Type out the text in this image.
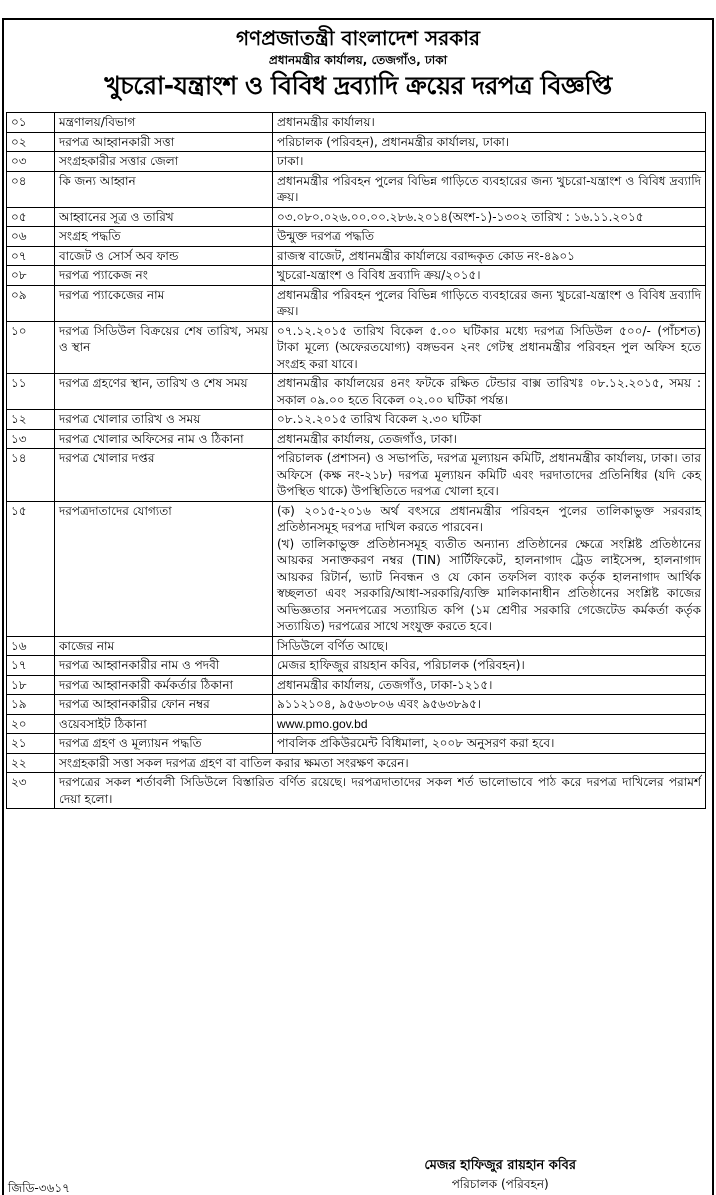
গণপ্রজাতন্ত্রী বাংলাদেশ সরকার
প্রধানমন্ত্রীর কার্যালয়, তেজগাঁও, ঢাকা
খুচরো-যন্ত্রাংশ ও বিবিধ দ্রব্যাদি ক্রয়ের দরপত্র বিজ্ঞপ্তি
০১	মন্ত্রণালয়/বিভাগ	প্রধানমন্ত্রীর কার্যালয়।
০২	দরপত্র আহ্বানকারী সত্তা	পরিচালক (পরিবহন), প্রধানমন্ত্রীর কার্যালয়, ঢাকা।
০৩	সংগ্রহকারীর সত্তার জেলা	ঢাকা।
০৪	কি জন্য আহ্বান	প্রধানমন্ত্রীর পরিবহন পুলের বিভিন্ন গাড়িতে ব্যবহারের জন্য খুচরো-যন্ত্রাংশ ও বিবিধ দ্রব্যাদি ক্রয়।
০৫	আহ্বানের সূত্র ও তারিখ	০৩.০৮০.০২৬.০০.০০.২৮৬.২০১৪(অংশ-১)-১৩০২ তারিখ : ১৬.১১.২০১৫
০৬	সংগ্রহ পদ্ধতি	উন্মুক্ত দরপত্র পদ্ধতি
০৭	বাজেট ও সোর্স অব ফান্ড	রাজস্ব বাজেট, প্রধানমন্ত্রীর কার্যালয়ে বরাদ্দকৃত কোড নং-৪৯০১
০৮	দরপত্র প্যাকেজ নং	খুচরো-যন্ত্রাংশ ও বিবিধ দ্রব্যাদি ক্রয়/২০১৫।
০৯	দরপত্র প্যাকেজের নাম	প্রধানমন্ত্রীর পরিবহন পুলের বিভিন্ন গাড়িতে ব্যবহারের জন্য খুচরো-যন্ত্রাংশ ও বিবিধ দ্রব্যাদি ক্রয়।
১০	দরপত্র সিডিউল বিক্রয়ের শেষ তারিখ, সময় ও স্থান	০৭.১২.২০১৫ তারিখ বিকেল ৫.০০ ঘটিকার মধ্যে দরপত্র সিডিউল ৫০০/- (পাঁচশত) টাকা মূল্যে (অফেরতযোগ্য) বঙ্গভবন ২নং গেটস্থ প্রধানমন্ত্রীর পরিবহন পুল অফিস হতে সংগ্রহ করা যাবে।
১১	দরপত্র গ্রহণের স্থান, তারিখ ও শেষ সময়	প্রধানমন্ত্রীর কার্যালয়ের ৪নং ফটকে রক্ষিত টেন্ডার বাক্স তারিখঃ ০৮.১২.২০১৫, সময় : সকাল ০৯.০০ হতে বিকেল ০২.০০ ঘটিকা পর্যন্ত।
১২	দরপত্র খোলার তারিখ ও সময়	০৮.১২.২০১৫ তারিখ বিকেল ২.৩০ ঘটিকা
১৩	দরপত্র খোলার অফিসের নাম ও ঠিকানা	প্রধানমন্ত্রীর কার্যালয়, তেজগাঁও, ঢাকা।
১৪	দরপত্র খোলার দপ্তর	পরিচালক (প্রশাসন) ও সভাপতি, দরপত্র মূল্যায়ন কমিটি, প্রধানমন্ত্রীর কার্যালয়, ঢাকা। তার অফিসে (কক্ষ নং-২১৮) দরপত্র মূল্যায়ন কমিটি এবং দরদাতাদের প্রতিনিধির (যদি কেহ উপস্থিত থাকে) উপস্থিতিতে দরপত্র খোলা হবে।
১৫	দরপত্রদাতাদের যোগ্যতা	(ক) ২০১৫-২০১৬ অর্থ বৎসরে প্রধানমন্ত্রীর পরিবহন পুলের তালিকাভুক্ত সরবরাহ প্রতিষ্ঠানসমূহ দরপত্র দাখিল করতে পারবেন।
(খ) তালিকাভুক্ত প্রতিষ্ঠানসমূহ ব্যতীত অন্যান্য প্রতিষ্ঠানের ক্ষেত্রে সংশ্লিষ্ট প্রতিষ্ঠানের আয়কর সনাক্তকরণ নম্বর (TIN) সার্টিফিকেট, হালনাগাদ ট্রেড লাইসেন্স, হালনাগাদ আয়কর রিটার্ন, ভ্যাট নিবন্ধন ও যে কোন তফসিল ব্যাংক কর্তৃক হালনাগাদ আর্থিক স্বচ্ছলতা এবং সরকারি/আধা-সরকারি/ব্যক্তি মালিকানাধীন প্রতিষ্ঠানের সংশ্লিষ্ট কাজের অভিজ্ঞতার সনদপত্রের সত্যায়িত কপি (১ম শ্রেণীর সরকারি গেজেটেড কর্মকর্তা কর্তৃক সত্যায়িত) দরপত্রের সাথে সংযুক্ত করতে হবে।

১৬	কাজের নাম	সিডিউলে বর্ণিত আছে।
১৭	দরপত্র আহ্বানকারীর নাম ও পদবী	মেজর হাফিজুর রায়হান কবির, পরিচালক (পরিবহন)।
১৮	দরপত্র আহ্বানকারী কর্মকর্তার ঠিকানা	প্রধানমন্ত্রীর কার্যালয়, তেজগাঁও, ঢাকা-১২১৫।
১৯	দরপত্র আহ্বানকারীর ফোন নম্বর	৯১১২১০৪, ৯৫৬৩৮০৬ এবং ৯৫৬৩৮৯৫।
২০	ওয়েবসাইট ঠিকানা	www.pmo.gov.bd
২১	দরপত্র গ্রহণ ও মূল্যায়ন পদ্ধতি	পাবলিক প্রকিউরমেন্ট বিধিমালা, ২০০৮ অনুসরণ করা হবে।
২২	সংগ্রহকারী সত্তা সকল দরপত্র গ্রহণ বা বাতিল করার ক্ষমতা সংরক্ষণ করেন।	
২৩	দরপত্রের সকল শর্তাবলী সিডিউলে বিস্তারিত বর্ণিত রয়েছে। দরপত্রদাতাদের সকল শর্ত ভালোভাবে পাঠ করে দরপত্র দাখিলের পরামর্শ দেয়া হলো।	
জিডি-৩৬১৭
মেজর হাফিজুর রায়হান কবির
পরিচালক (পরিবহন)
